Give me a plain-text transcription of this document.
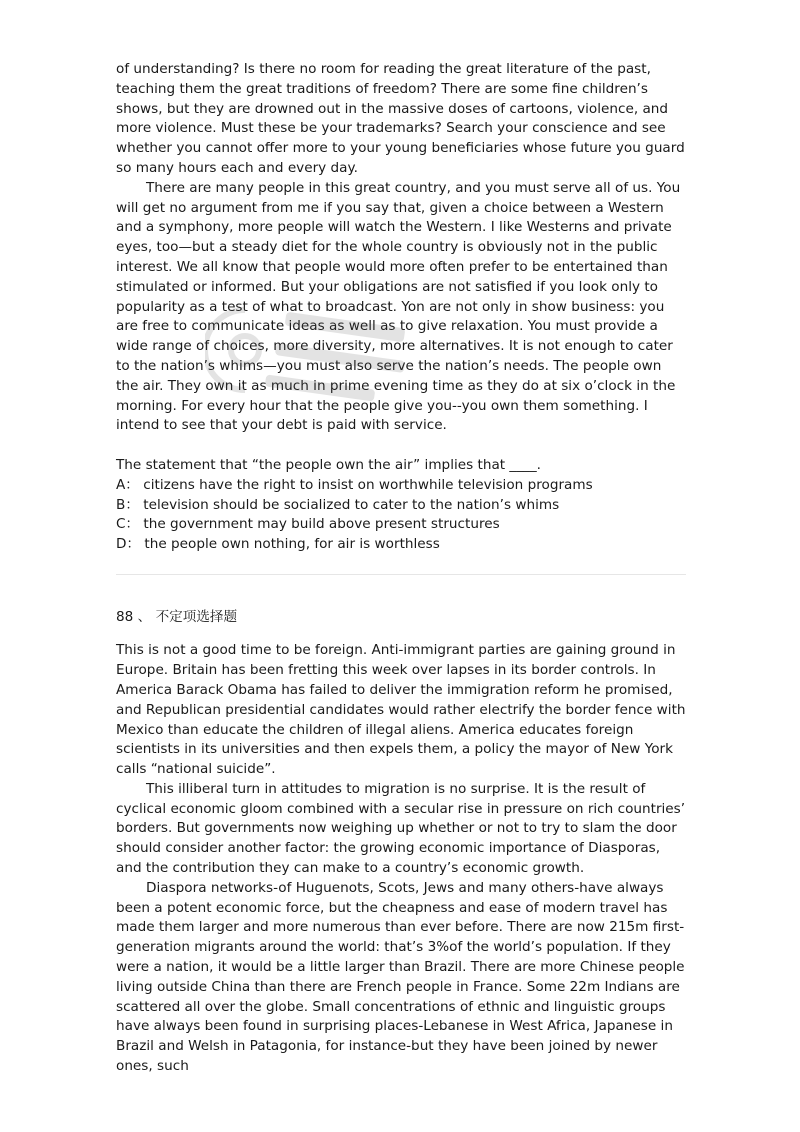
of understanding? Is there no room for reading the great literature of the past, teaching them the great traditions of freedom? There are some fine children’s shows, but they are drowned out in the massive doses of cartoons, violence, and more violence. Must these be your trademarks? Search your conscience and see whether you cannot offer more to your young beneficiaries whose future you guard so many hours each and every day.

There are many people in this great country, and you must serve all of us. You will get no argument from me if you say that, given a choice between a Western and a symphony, more people will watch the Western. I like Westerns and private eyes, too—but a steady diet for the whole country is obviously not in the public interest. We all know that people would more often prefer to be entertained than stimulated or informed. But your obligations are not satisfied if you look only to popularity as a test of what to broadcast. Yon are not only in show business: you are free to communicate ideas as well as to give relaxation. You must provide a wide range of choices, more diversity, more alternatives. It is not enough to cater to the nation’s whims—you must also serve the nation’s needs. The people own the air. They own it as much in prime evening time as they do at six o’clock in the morning. For every hour that the people give you--you own them something. I intend to see that your debt is paid with service.

The statement that “the people own the air” implies that ____.

A： citizens have the right to insist on worthwhile television programs

B： television should be socialized to cater to the nation’s whims

C： the government may build above present structures

D： the people own nothing, for air is worthless

88 、 不定项选择题

This is not a good time to be foreign. Anti-immigrant parties are gaining ground in Europe. Britain has been fretting this week over lapses in its border controls. In America Barack Obama has failed to deliver the immigration reform he promised, and Republican presidential candidates would rather electrify the border fence with Mexico than educate the children of illegal aliens. America educates foreign scientists in its universities and then expels them, a policy the mayor of New York calls “national suicide”.

This illiberal turn in attitudes to migration is no surprise. It is the result of cyclical economic gloom combined with a secular rise in pressure on rich countries’ borders. But governments now weighing up whether or not to try to slam the door should consider another factor: the growing economic importance of Diasporas, and the contribution they can make to a country’s economic growth.

Diaspora networks-of Huguenots, Scots, Jews and many others-have always been a potent economic force, but the cheapness and ease of modern travel has made them larger and more numerous than ever before. There are now 215m first-generation migrants around the world: that’s 3%of the world’s population. If they were a nation, it would be a little larger than Brazil. There are more Chinese people living outside China than there are French people in France. Some 22m Indians are scattered all over the globe. Small concentrations of ethnic and linguistic groups have always been found in surprising places-Lebanese in West Africa, Japanese in Brazil and Welsh in Patagonia, for instance-but they have been joined by newer ones, such
